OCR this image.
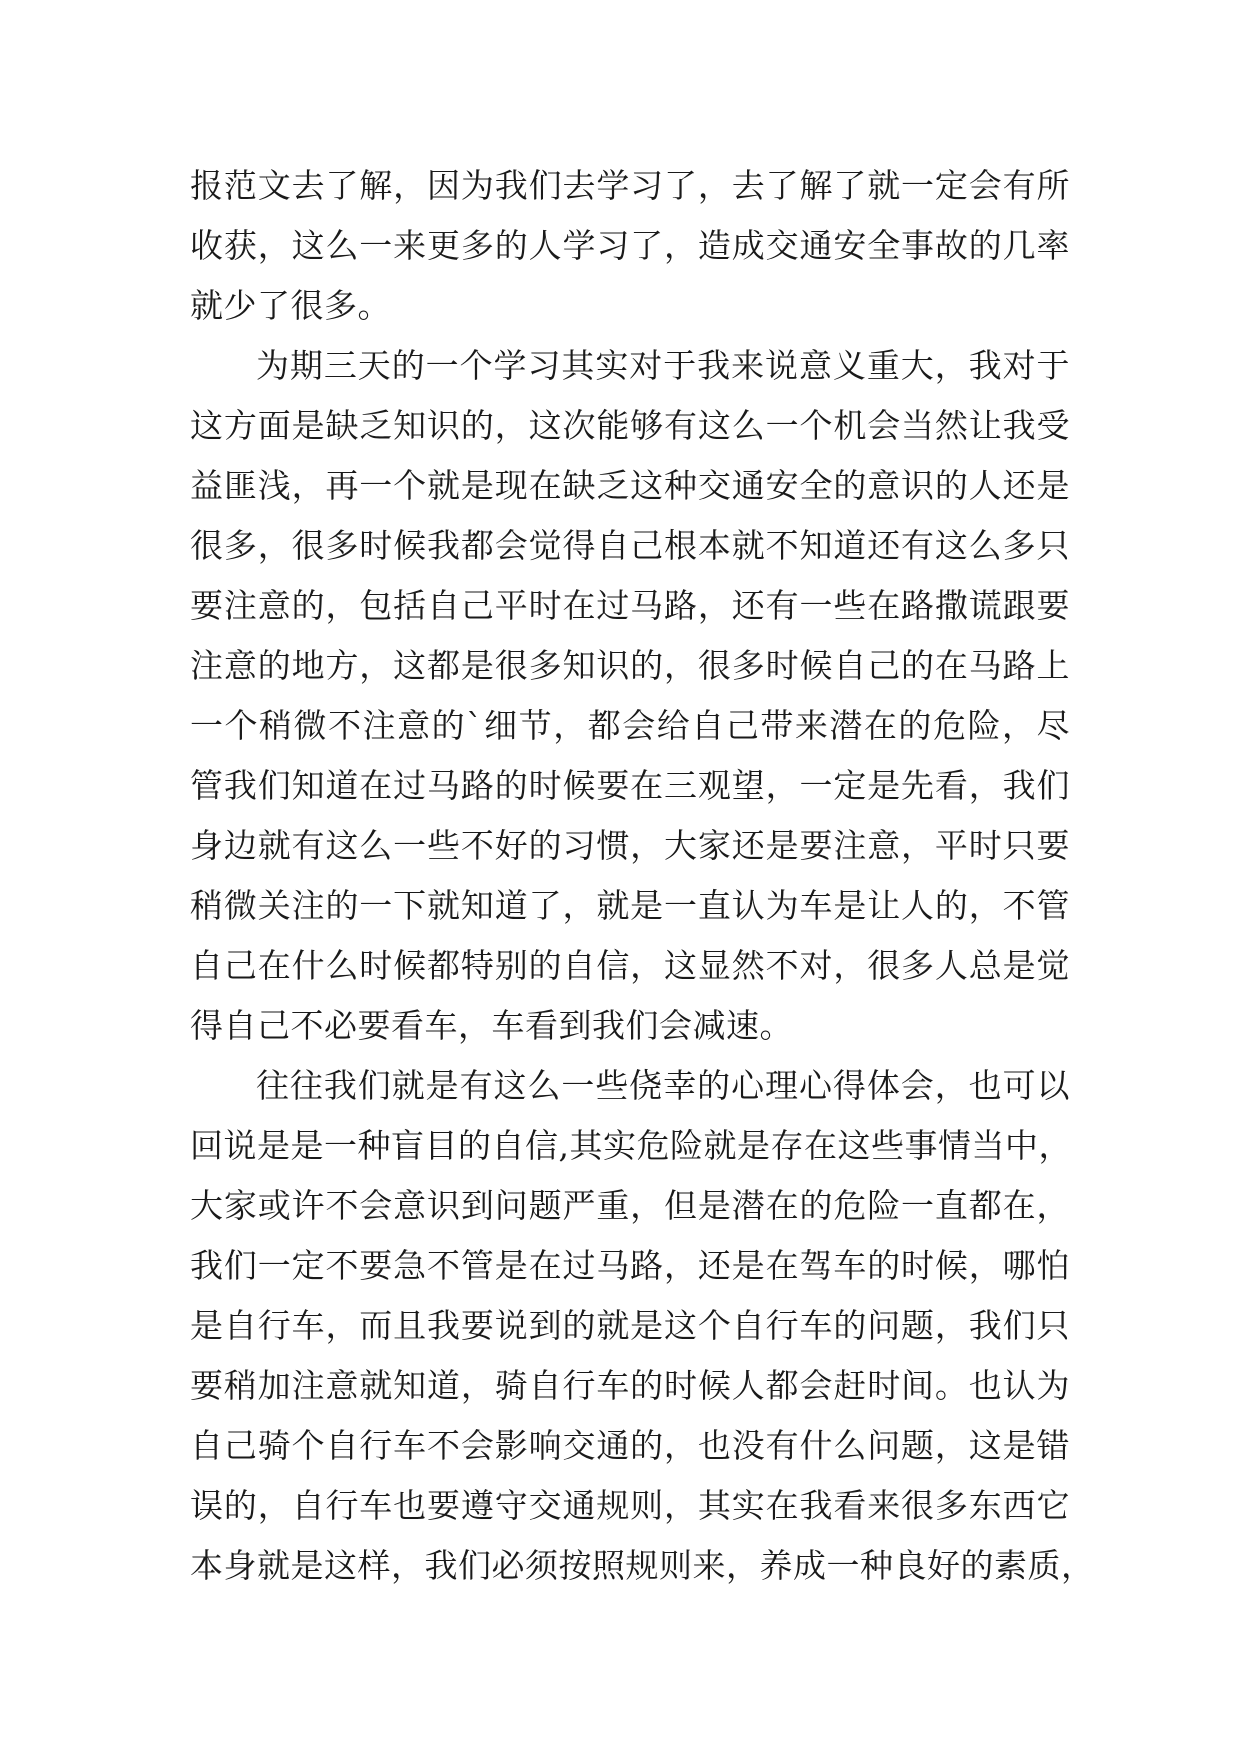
报范文去了解，因为我们去学习了，去了解了就一定会有所
收获，这么一来更多的人学习了，造成交通安全事故的几率
就少了很多。
为期三天的一个学习其实对于我来说意义重大，我对于
这方面是缺乏知识的，这次能够有这么一个机会当然让我受
益匪浅，再一个就是现在缺乏这种交通安全的意识的人还是
很多，很多时候我都会觉得自己根本就不知道还有这么多只
要注意的，包括自己平时在过马路，还有一些在路撒谎跟要
注意的地方，这都是很多知识的，很多时候自己的在马路上
一个稍微不注意的`细节，都会给自己带来潜在的危险，尽
管我们知道在过马路的时候要在三观望，一定是先看，我们
身边就有这么一些不好的习惯，大家还是要注意，平时只要
稍微关注的一下就知道了，就是一直认为车是让人的，不管
自己在什么时候都特别的自信，这显然不对，很多人总是觉
得自己不必要看车，车看到我们会减速。
往往我们就是有这么一些侥幸的心理心得体会，也可以
回说是是一种盲目的自信,其实危险就是存在这些事情当中，
大家或许不会意识到问题严重，但是潜在的危险一直都在，
我们一定不要急不管是在过马路，还是在驾车的时候，哪怕
是自行车，而且我要说到的就是这个自行车的问题，我们只
要稍加注意就知道，骑自行车的时候人都会赶时间。也认为
自己骑个自行车不会影响交通的，也没有什么问题，这是错
误的，自行车也要遵守交通规则，其实在我看来很多东西它
本身就是这样，我们必须按照规则来，养成一种良好的素质，
